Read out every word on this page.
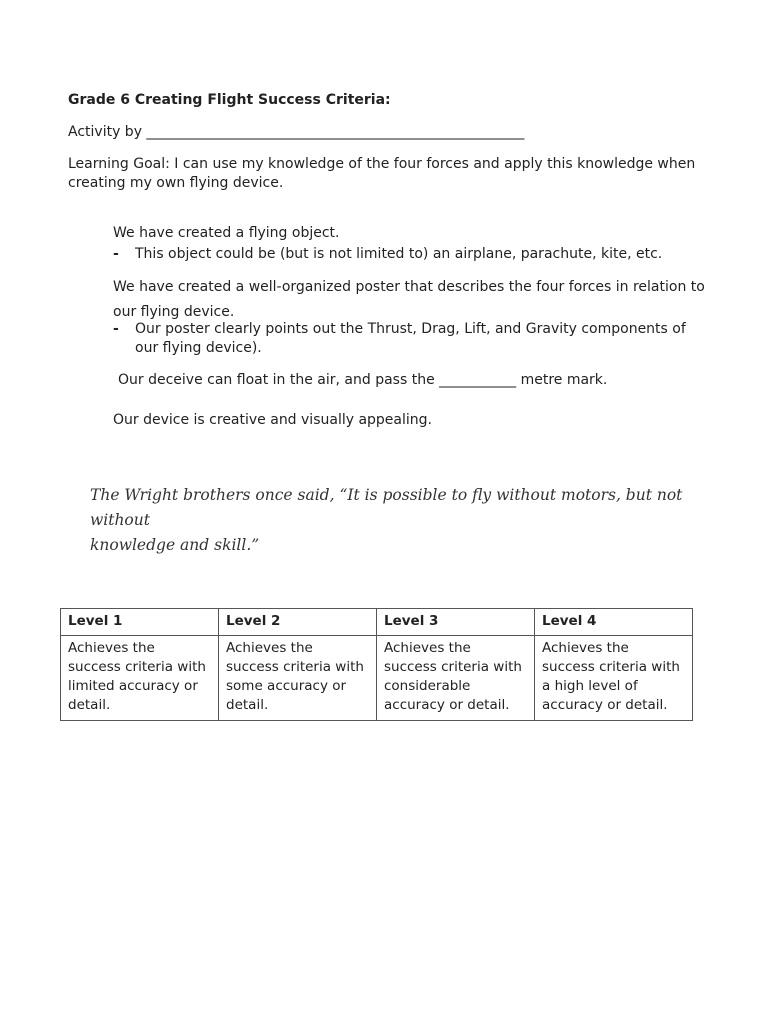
Grade 6 Creating Flight Success Criteria:

Activity by ______________________________________________________

Learning Goal: I can use my knowledge of the four forces and apply this knowledge when

creating my own flying device.

We have created a flying object.

- This object could be (but is not limited to) an airplane, parachute, kite, etc.

We have created a well-organized poster that describes the four forces in relation to

our flying device.

- Our poster clearly points out the Thrust, Drag, Lift, and Gravity components of
our flying device).

Our deceive can float in the air, and pass the ___________ metre mark.

Our device is creative and visually appealing.

The Wright brothers once said, “It is possible to fly without motors, but not without
knowledge and skill.”
Level 1	Level 2	Level 3	Level 4
Achieves the success criteria with limited accuracy or detail.	Achieves the success criteria with some accuracy or detail.	Achieves the success criteria with considerable accuracy or detail.	Achieves the success criteria with a high level of accuracy or detail.
